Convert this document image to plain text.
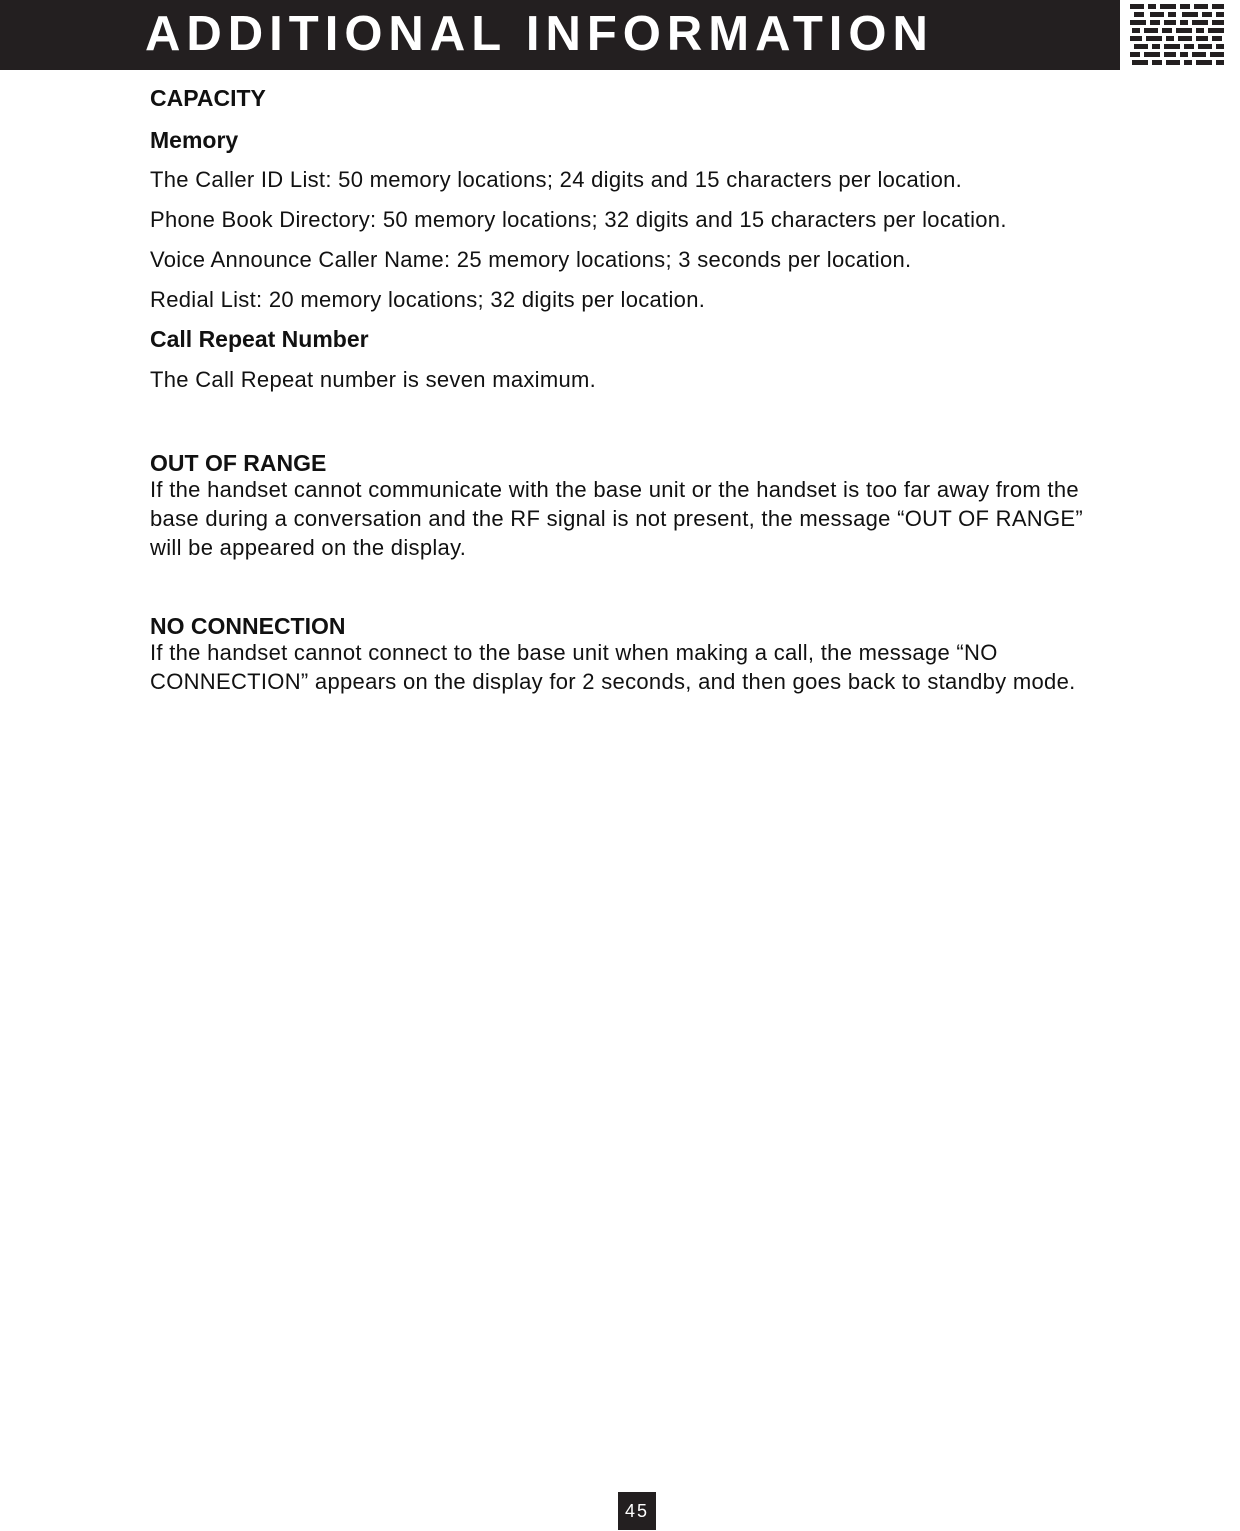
ADDITIONAL INFORMATION

CAPACITY

Memory

The Caller ID List: 50 memory locations; 24 digits and 15 characters per location.

Phone Book Directory: 50 memory locations; 32 digits and 15 characters per location.

Voice Announce Caller Name: 25 memory locations; 3 seconds per location.

Redial List: 20 memory locations; 32 digits per location.

Call Repeat Number

The Call Repeat number is seven maximum.

OUT OF RANGE

If the handset cannot communicate with the base unit or the handset is too far away from the base during a conversation and the RF signal is not present, the message “OUT OF RANGE” will be appeared on the display.

NO CONNECTION

If the handset cannot connect to the base unit when making a call, the message “NO CONNECTION” appears on the display for 2 seconds, and then goes back to standby mode.

45
